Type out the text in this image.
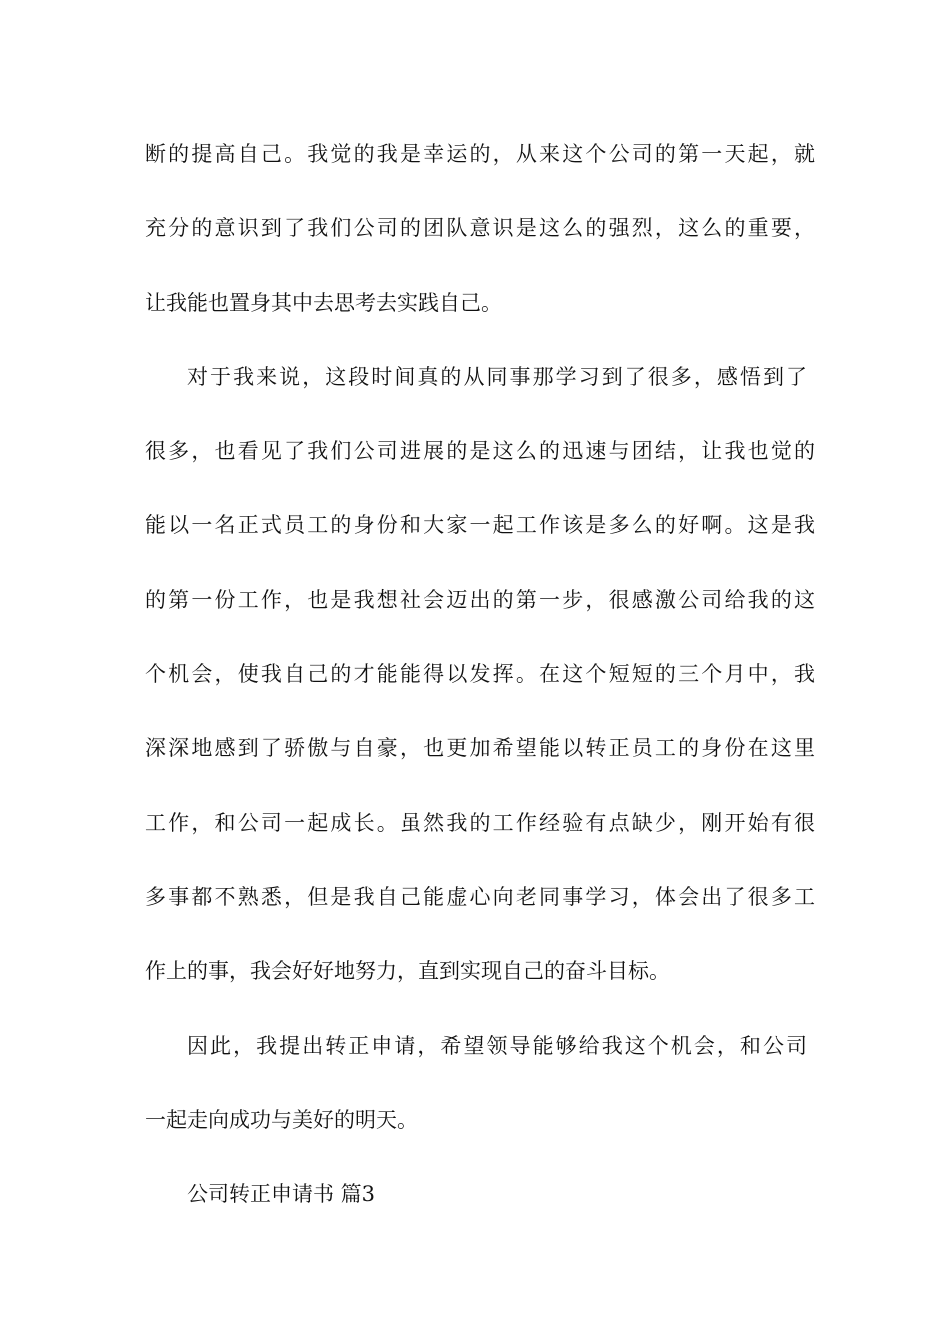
断的提高自己。我觉的我是幸运的，从来这个公司的第一天起，就
充分的意识到了我们公司的团队意识是这么的强烈，这么的重要，
让我能也置身其中去思考去实践自己。
对于我来说，这段时间真的从同事那学习到了很多，感悟到了
很多，也看见了我们公司进展的是这么的迅速与团结，让我也觉的
能以一名正式员工的身份和大家一起工作该是多么的好啊。这是我
的第一份工作，也是我想社会迈出的第一步，很感激公司给我的这
个机会，使我自己的才能能得以发挥。在这个短短的三个月中，我
深深地感到了骄傲与自豪，也更加希望能以转正员工的身份在这里
工作，和公司一起成长。虽然我的工作经验有点缺少，刚开始有很
多事都不熟悉，但是我自己能虚心向老同事学习，体会出了很多工
作上的事，我会好好地努力，直到实现自己的奋斗目标。
因此，我提出转正申请，希望领导能够给我这个机会，和公司
一起走向成功与美好的明天。
公司转正申请书 篇3
